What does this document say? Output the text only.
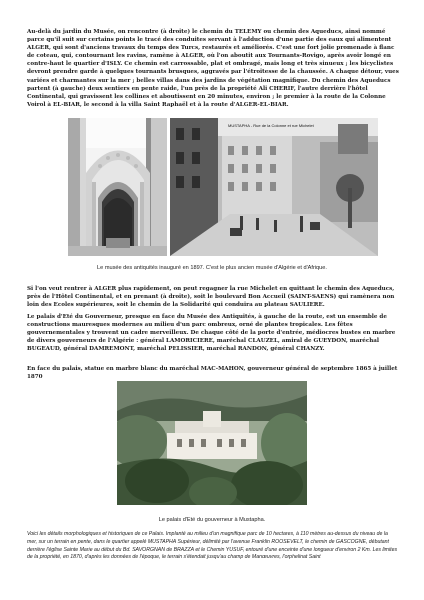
Au-delà du jardin du Musée, on rencontre (à droite) le chemin du TELEMY ou chemin des Aqueducs, ainsi nommé parce qu'il suit sur certains points le tracé des conduites servant à l'adduction d'une partie des eaux qui alimentent ALGER, qui sont d'anciens travaux du temps des Turcs, restaurés et améliorés. C'est une fort jolie promenade à flanc de coteau, qui, contournant les ravins, ramène à ALGER, où l'on aboutit aux Tournants-Rovigo, après avoir longé en contre-haut le quartier d'ISLY. Ce chemin est carrossable, plat et ombragé, mais long et très sinueux ; les bicyclistes devront prendre garde à quelques tournants brusques, aggravés par l'étroitesse de la chaussée. A chaque détour, vues variées et charmantes sur la mer ; belles villas dans des jardins de végétation magnifique. Du chemin des Aqueducs partent (à gauche) deux sentiers en pente raide, l'un près de la propriété Ali CHERIF, l'autre derrière l'hôtel Continental, qui gravissent les collines et aboutissent en 20 minutes, environ ; le premier à la route de la Colonne Voirol à EL-BIAR, le second à la villa Saint Raphaël et à la route d'ALGER-EL-BIAR.

MUSTAPHA - Rue de la Colonne et rue Michelet

Le musée des antiquités inauguré en 1897. C'est le plus ancien musée d'Algérie et d'Afrique.

Si l'on veut rentrer à ALGER plus rapidement, on peut regagner la rue Michelet en quittant le chemin des Aqueducs, près de l'Hôtel Continental, et en prenant (à droite), soit le boulevard Bon Accueil (SAINT-SAENS) qui ramènera non loin des Ecoles supérieures, soit le chemin de la Solidarité qui conduira au plateau SAULIERE.

Le palais d'Eté du Gouverneur, presque en face du Musée des Antiquités, à gauche de la route, est un ensemble de constructions mauresques modernes au milieu d'un parc ombreux, orné de plantes tropicales. Les fêtes gouvernementales y trouvent un cadre merveilleux. De chaque côté de la porte d'entrée, médiocres bustes en marbre de divers gouverneurs de l'Algérie : général LAMORICIERE, maréchal CLAUZEL, amiral de GUEYDON, maréchal BUGEAUD, général DAMREMONT, maréchal PELISSIER, maréchal RANDON, général CHANZY.

En face du palais, statue en marbre blanc du maréchal MAC-MAHON, gouverneur général de septembre 1865 à juillet 1870

Le palais d'Eté du gouverneur à Mustapha.

Voici les détails morphologiques et historiques de ce Palais. Implanté au milieu d'un magnifique parc de 10 hectares, à 110 mètres au-dessus du niveau de la mer, sur un terrain en pente, dans le quartier appelé MUSTAPHA Supérieur, délimité par l'avenue Franklin ROOSEVELT, le chemin de GASCOGNE, débutant derrière l'église Sainte Marie au début du Bd. SAVORGNAN de BRAZZA et le Chemin YUSUF, entouré d'une enceinte d'une longueur d'environ 2 Km. Les limites de la propriété, en 1870, d'après les données de l'époque, le terrain s'étendait jusqu'au champ de Manœuvres, l'orphelinat Saint
